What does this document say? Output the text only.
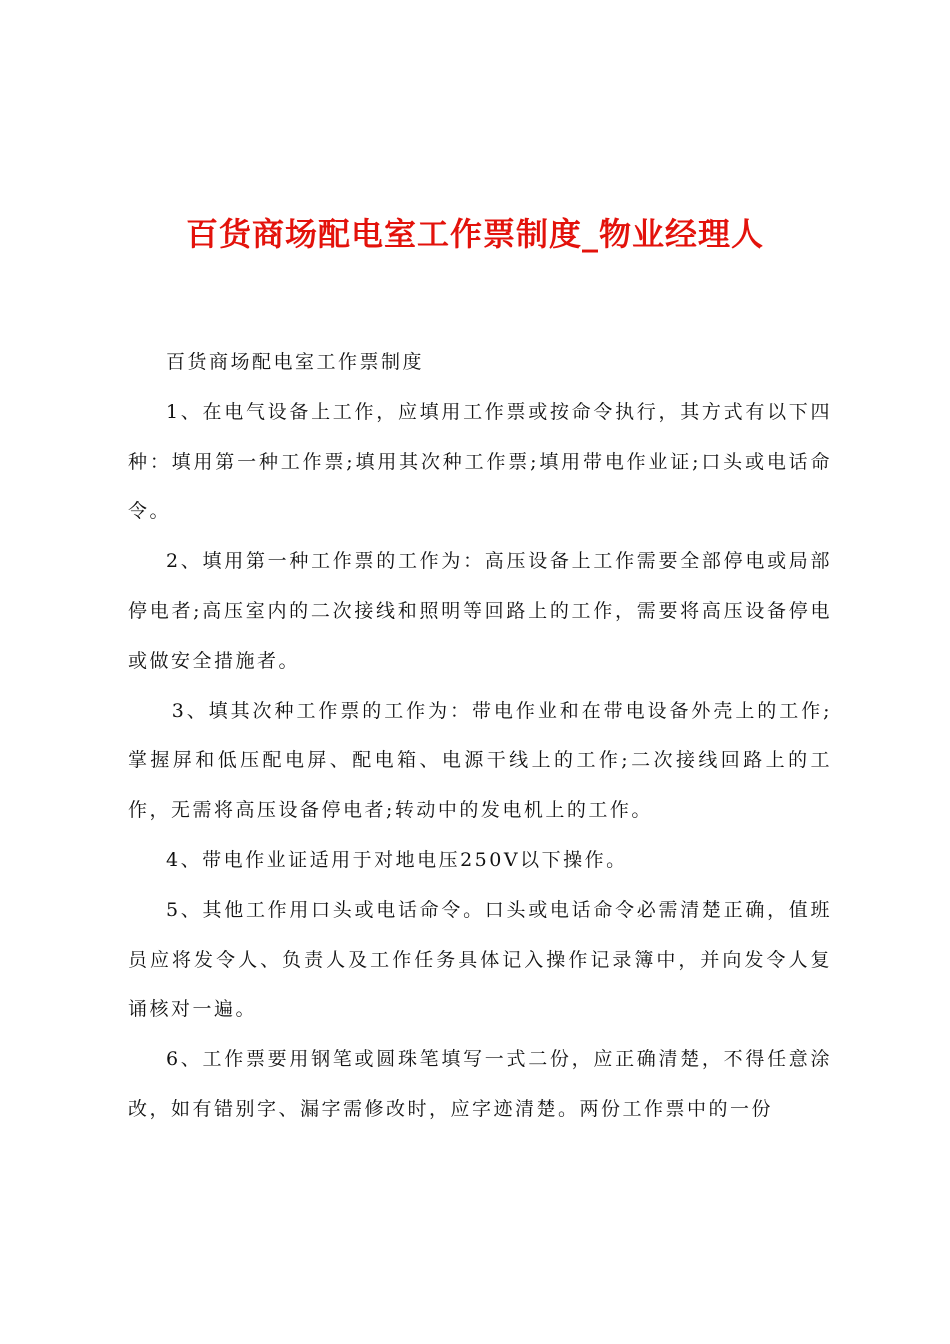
百货商场配电室工作票制度_物业经理人

百货商场配电室工作票制度

1、在电气设备上工作，应填用工作票或按命令执行，其方式有以下四种：填用第一种工作票;填用其次种工作票;填用带电作业证;口头或电话命令。

2、填用第一种工作票的工作为：高压设备上工作需要全部停电或局部停电者;高压室内的二次接线和照明等回路上的工作，需要将高压设备停电或做安全措施者。

3、填其次种工作票的工作为：带电作业和在带电设备外壳上的工作;掌握屏和低压配电屏、配电箱、电源干线上的工作;二次接线回路上的工作，无需将高压设备停电者;转动中的发电机上的工作。

4、带电作业证适用于对地电压250V以下操作。

5、其他工作用口头或电话命令。口头或电话命令必需清楚正确，值班员应将发令人、负责人及工作任务具体记入操作记录簿中，并向发令人复诵核对一遍。

6、工作票要用钢笔或圆珠笔填写一式二份，应正确清楚，不得任意涂改，如有错别字、漏字需修改时，应字迹清楚。两份工作票中的一份
